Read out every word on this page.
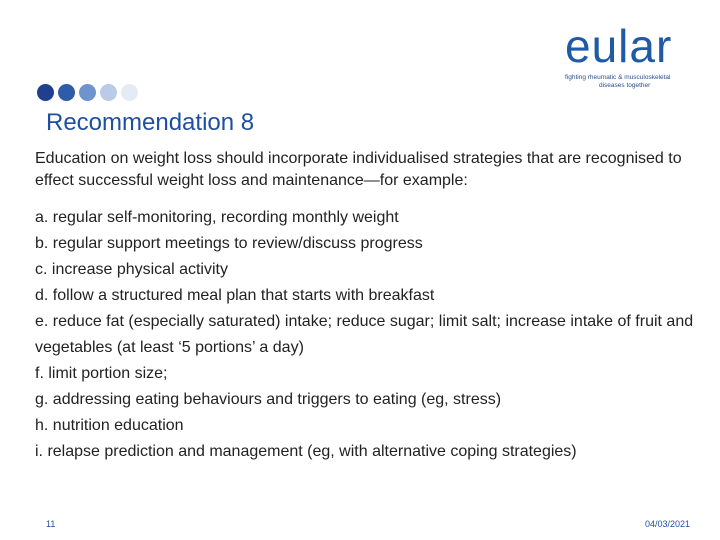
eular
fighting rheumatic & musculoskeletal
diseases together
Recommendation 8
Education on weight loss should incorporate individualised strategies that are recognised to effect successful weight loss and maintenance—for example:
a. regular self-monitoring, recording monthly weight
b. regular support meetings to review/discuss progress
c. increase physical activity
d. follow a structured meal plan that starts with breakfast
e. reduce fat (especially saturated) intake; reduce sugar; limit salt; increase intake of fruit and vegetables (at least ‘5 portions’ a day)
f. limit portion size;
g. addressing eating behaviours and triggers to eating (eg, stress)
h. nutrition education
i. relapse prediction and management (eg, with alternative coping strategies)
11	04/03/2021
